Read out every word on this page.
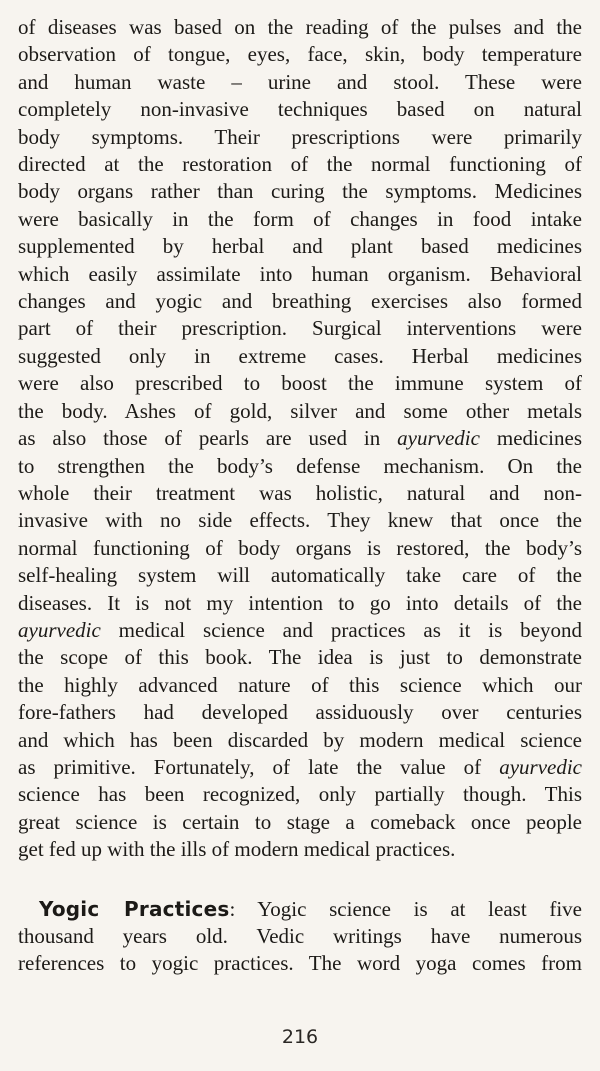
of diseases was based on the reading of the pulses and the
observation of tongue, eyes, face, skin, body temperature
and human waste – urine and stool. These were
completely non-invasive techniques based on natural
body symptoms. Their prescriptions were primarily
directed at the restoration of the normal functioning of
body organs rather than curing the symptoms. Medicines
were basically in the form of changes in food intake
supplemented by herbal and plant based medicines
which easily assimilate into human organism. Behavioral
changes and yogic and breathing exercises also formed
part of their prescription. Surgical interventions were
suggested only in extreme cases. Herbal medicines
were also prescribed to boost the immune system of
the body. Ashes of gold, silver and some other metals
as also those of pearls are used in ayurvedic medicines
to strengthen the body’s defense mechanism. On the
whole their treatment was holistic, natural and non-
invasive with no side effects. They knew that once the
normal functioning of body organs is restored, the body’s
self-healing system will automatically take care of the
diseases. It is not my intention to go into details of the
ayurvedic medical science and practices as it is beyond
the scope of this book. The idea is just to demonstrate
the highly advanced nature of this science which our
fore-fathers had developed assiduously over centuries
and which has been discarded by modern medical science
as primitive. Fortunately, of late the value of ayurvedic
science has been recognized, only partially though. This
great science is certain to stage a comeback once people
get fed up with the ills of modern medical practices.
 Yogic Practices: Yogic science is at least five
thousand years old. Vedic writings have numerous
references to yogic practices. The word yoga comes from
216
